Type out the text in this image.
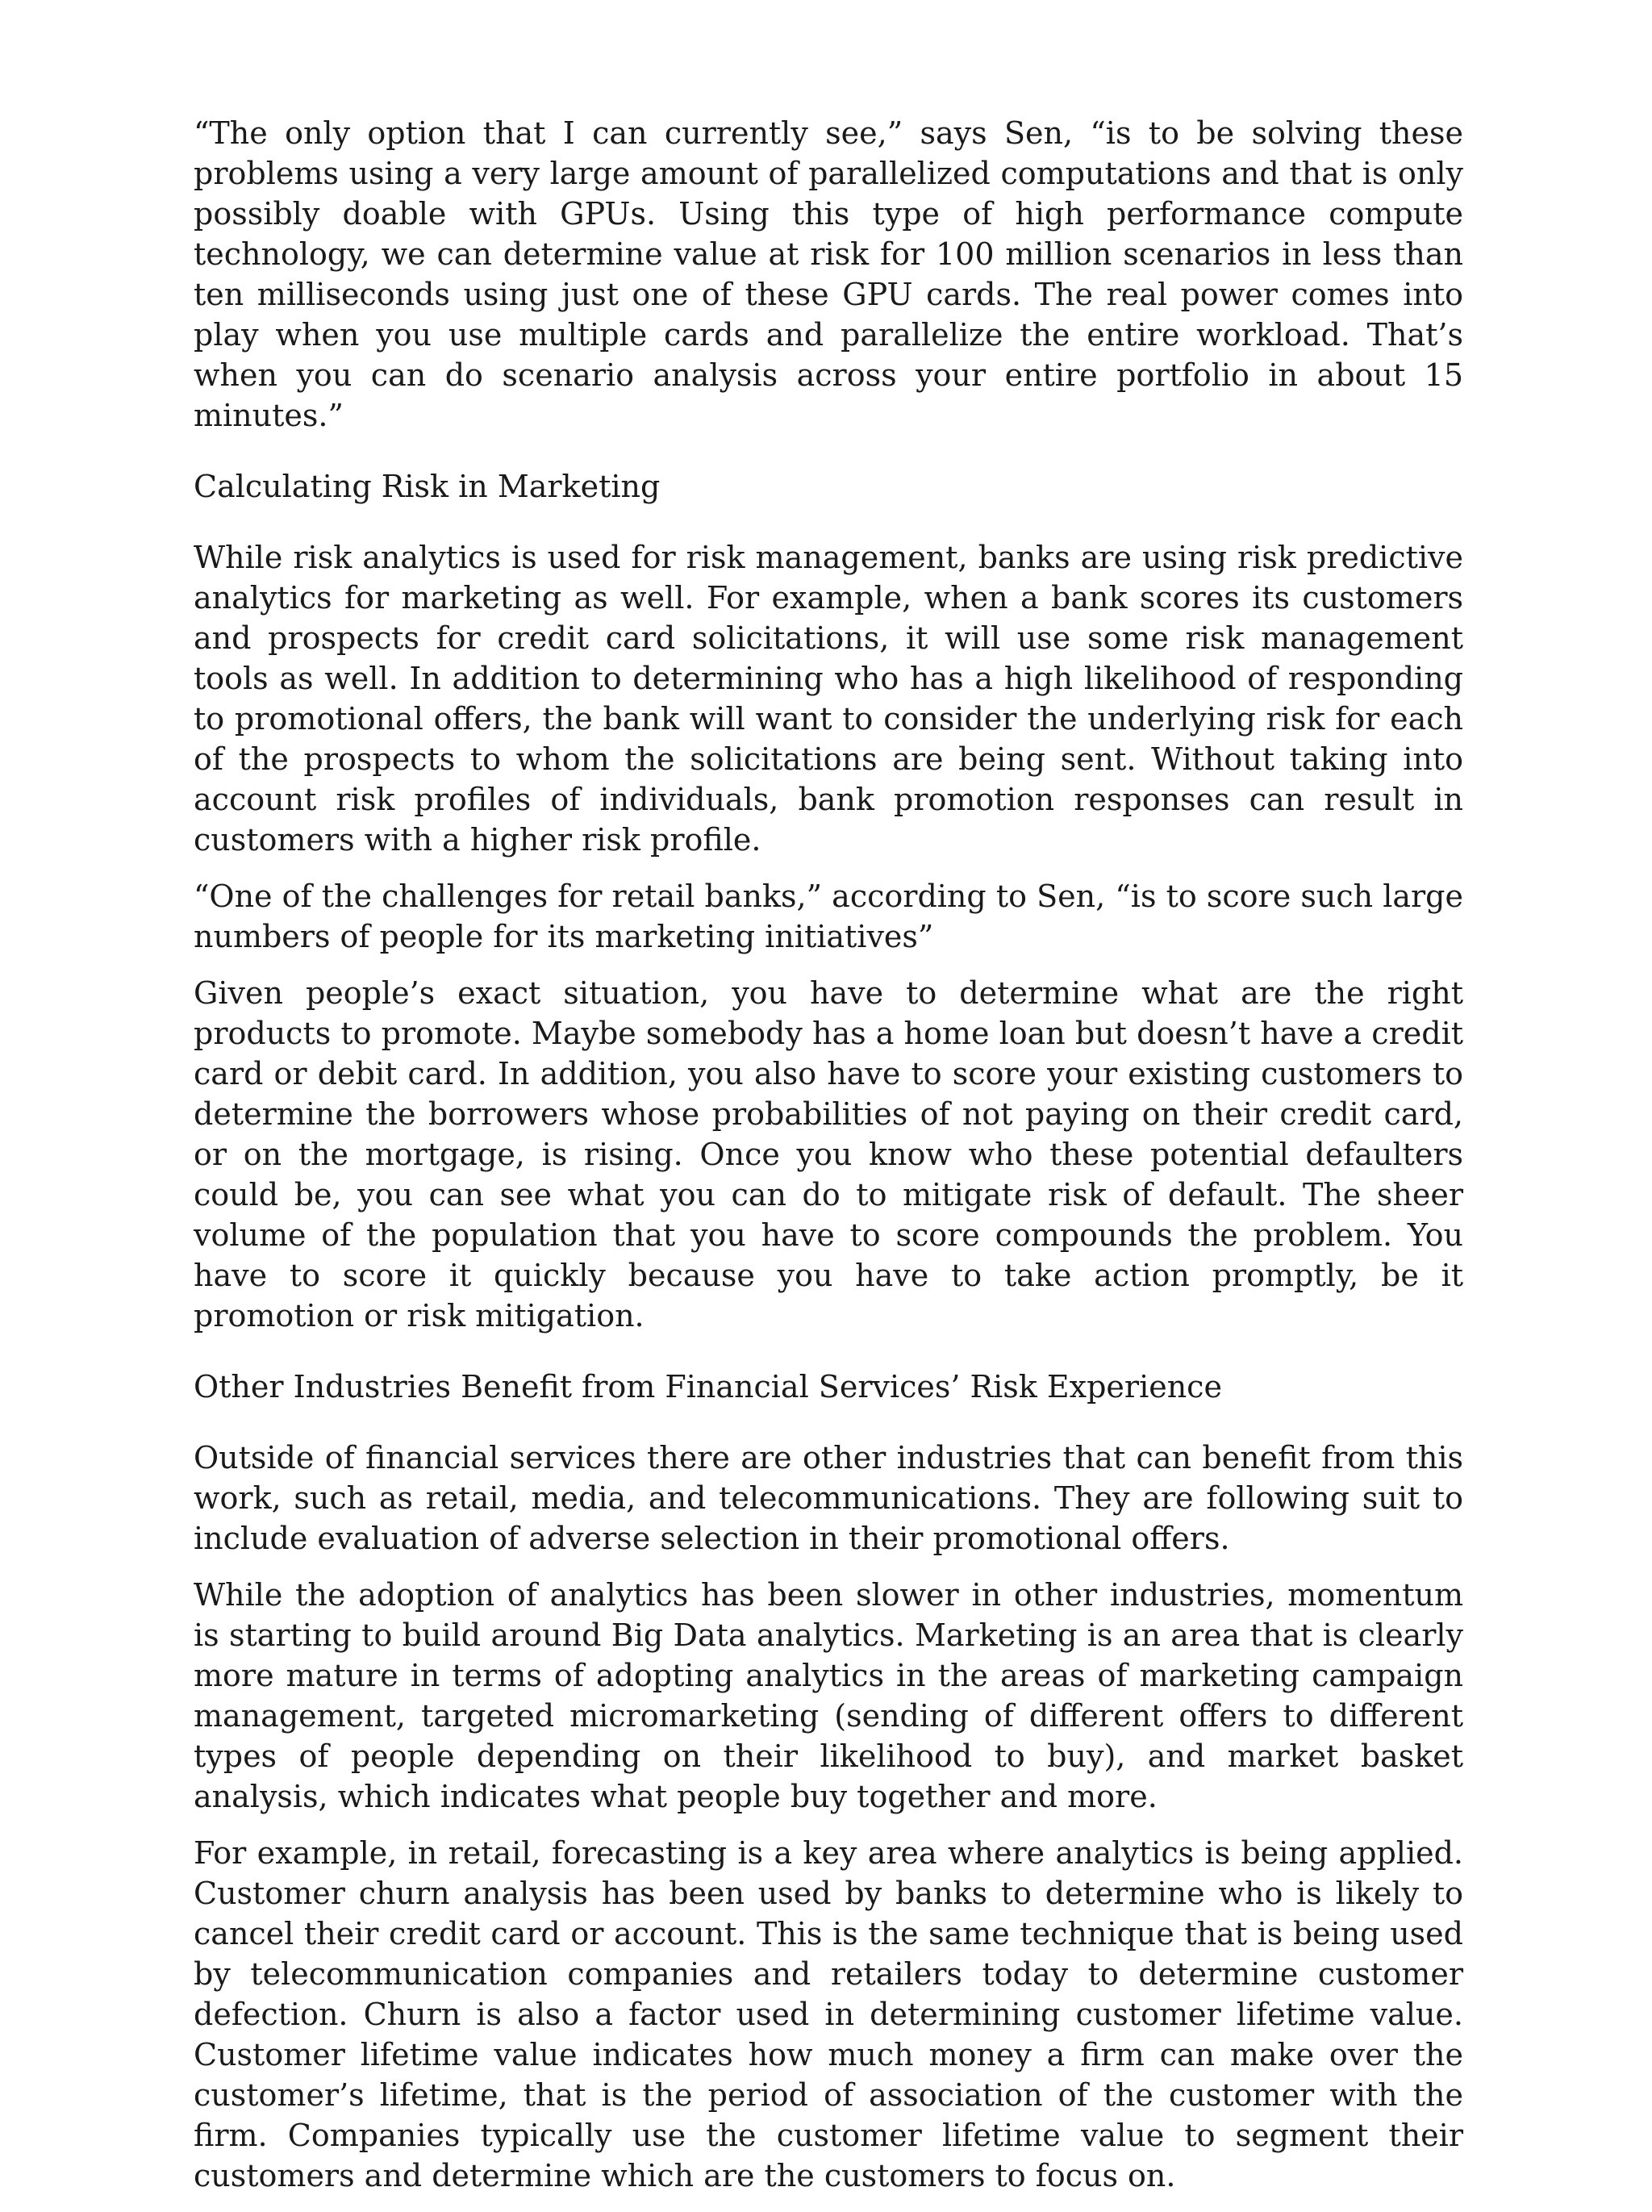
“The only option that I can currently see,” says Sen, “is to be solving these problems using a very large amount of parallelized computations and that is only possibly doable with GPUs. Using this type of high performance compute technology, we can determine value at risk for 100 million scenarios in less than ten milliseconds using just one of these GPU cards. The real power comes into play when you use multiple cards and parallelize the entire workload. That’s when you can do scenario analysis across your entire portfolio in about 15 minutes.”

Calculating Risk in Marketing

While risk analytics is used for risk management, banks are using risk predictive analytics for marketing as well. For example, when a bank scores its customers and prospects for credit card solicitations, it will use some risk management tools as well. In addition to determining who has a high likelihood of responding to promotional offers, the bank will want to consider the underlying risk for each of the prospects to whom the solicitations are being sent. Without taking into account risk profiles of individuals, bank promotion responses can result in customers with a higher risk profile.

“One of the challenges for retail banks,” according to Sen, “is to score such large numbers of people for its marketing initiatives”

Given people’s exact situation, you have to determine what are the right products to promote. Maybe somebody has a home loan but doesn’t have a credit card or debit card. In addition, you also have to score your existing customers to determine the borrowers whose probabilities of not paying on their credit card, or on the mortgage, is rising. Once you know who these potential defaulters could be, you can see what you can do to mitigate risk of default. The sheer volume of the population that you have to score compounds the problem. You have to score it quickly because you have to take action promptly, be it promotion or risk mitigation.

Other Industries Benefit from Financial Services’ Risk Experience

Outside of financial services there are other industries that can benefit from this work, such as retail, media, and telecommunications. They are following suit to include evaluation of adverse selection in their promotional offers.

While the adoption of analytics has been slower in other industries, momentum is starting to build around Big Data analytics. Marketing is an area that is clearly more mature in terms of adopting analytics in the areas of marketing campaign management, targeted micromarketing (sending of different offers to different types of people depending on their likelihood to buy), and market basket analysis, which indicates what people buy together and more.

For example, in retail, forecasting is a key area where analytics is being applied. Customer churn analysis has been used by banks to determine who is likely to cancel their credit card or account. This is the same technique that is being used by telecommunication companies and retailers today to determine customer defection. Churn is also a factor used in determining customer lifetime value. Customer lifetime value indicates how much money a firm can make over the customer’s lifetime, that is the period of association of the customer with the firm. Companies typically use the customer lifetime value to segment their customers and determine which are the customers to focus on.
